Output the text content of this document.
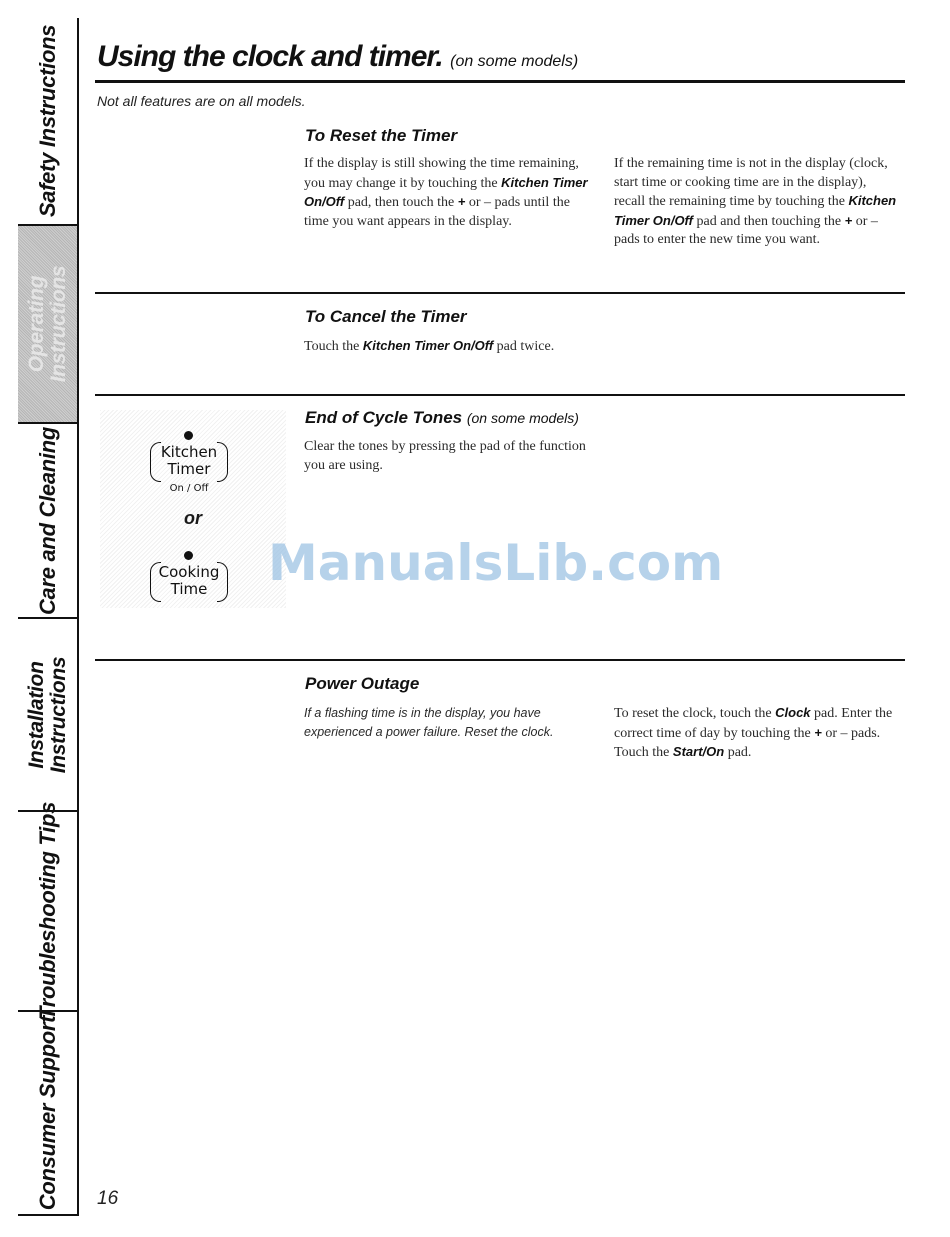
Safety Instructions
Operating Instructions
Care and Cleaning
Installation Instructions
Troubleshooting Tips
Consumer Support
Using the clock and timer. (on some models)
Not all features are on all models.
To Reset the Timer
If the display is still showing the time remaining, you may change it by touching the Kitchen Timer On/Off pad, then touch the + or – pads until the time you want appears in the display.
If the remaining time is not in the display (clock, start time or cooking time are in the display), recall the remaining time by touching the Kitchen Timer On/Off pad and then touching the + or – pads to enter the new time you want.
To Cancel the Timer
Touch the Kitchen Timer On/Off pad twice.
End of Cycle Tones (on some models)
Clear the tones by pressing the pad of the function you are using.
Kitchen
Timer
On / Off
or
Cooking
Time	ManualsLib.com
Power Outage
If a flashing time is in the display, you have experienced a power failure. Reset the clock.
To reset the clock, touch the Clock pad. Enter the correct time of day by touching the + or – pads. Touch the Start/On pad.
16
